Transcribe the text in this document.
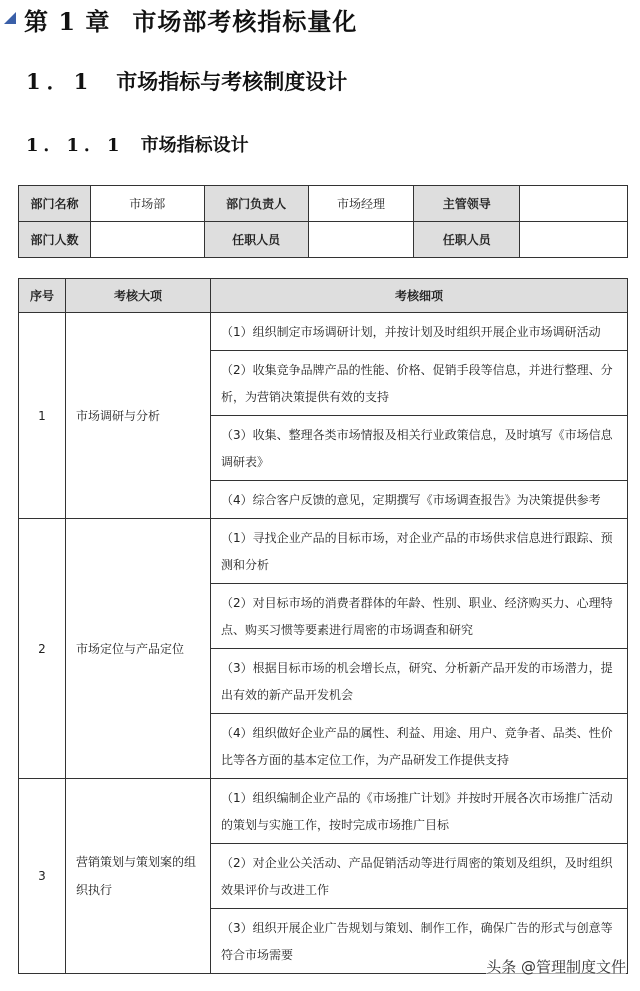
第 1 章 市场部考核指标量化
1．1 市场指标与考核制度设计
1．1．1 市场指标设计
部门名称	市场部	部门负责人	市场经理	主管领导	
部门人数		任职人员		任职人员	
序号	考核大项	考核细项
1	市场调研与分析	（1）组织制定市场调研计划，并按计划及时组织开展企业市场调研活动
		（2）收集竞争品牌产品的性能、价格、促销手段等信息，并进行整理、分析，为营销决策提供有效的支持
		（3）收集、整理各类市场情报及相关行业政策信息，及时填写《市场信息调研表》
		（4）综合客户反馈的意见，定期撰写《市场调查报告》为决策提供参考
2	市场定位与产品定位	（1）寻找企业产品的目标市场，对企业产品的市场供求信息进行跟踪、预测和分析
		（2）对目标市场的消费者群体的年龄、性别、职业、经济购买力、心理特点、购买习惯等要素进行周密的市场调查和研究
		（3）根据目标市场的机会增长点，研究、分析新产品开发的市场潜力，提出有效的新产品开发机会
		（4）组织做好企业产品的属性、利益、用途、用户、竞争者、品类、性价比等各方面的基本定位工作，为产品研发工作提供支持
3	营销策划与策划案的组织执行	（1）组织编制企业产品的《市场推广计划》并按时开展各次市场推广活动的策划与实施工作，按时完成市场推广目标
		（2）对企业公关活动、产品促销活动等进行周密的策划及组织，及时组织效果评价与改进工作
		（3）组织开展企业广告规划与策划、制作工作，确保广告的形式与创意等符合市场需要
头条 @管理制度文件
